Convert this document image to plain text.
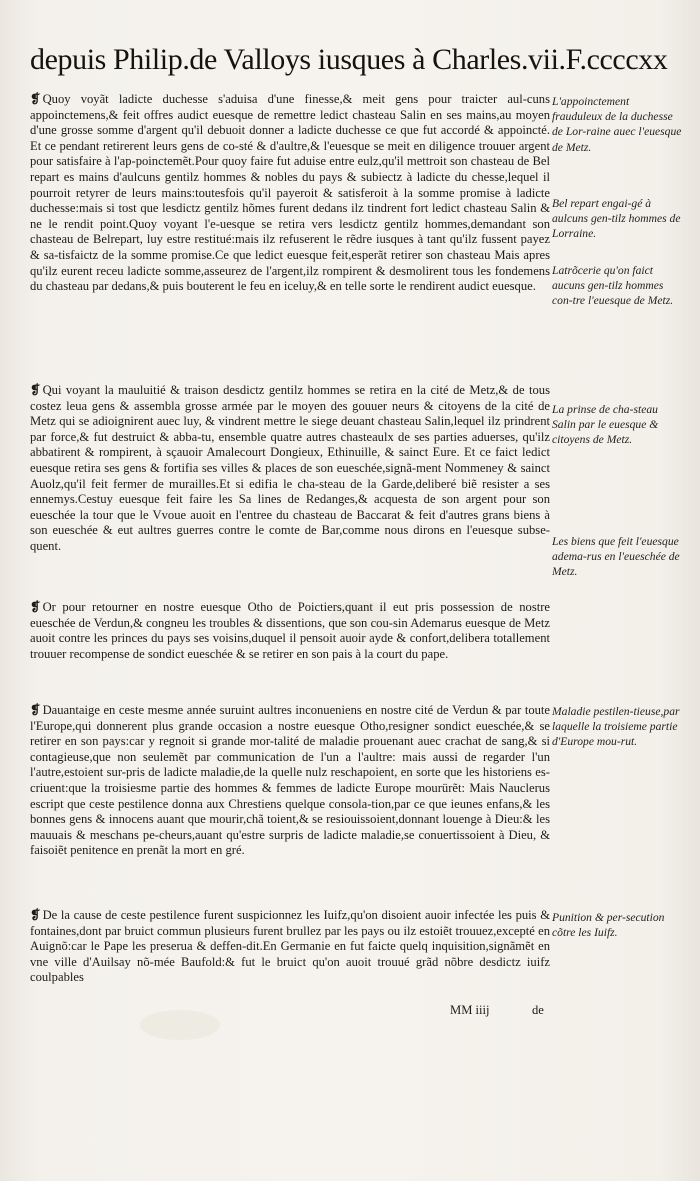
depuis Philip.de Valloys iusques à Charles.vii.F.ccccxx

❡ Quoy voyãt ladicte duchesse s'aduisa d'une finesse,& meit gens pour traicter aul-cuns appoinctemens,& feit offres audict euesque de remettre ledict chasteau Salin en ses mains,au moyen d'une grosse somme d'argent qu'il debuoit donner a ladicte duchesse ce que fut accordé & appoincté. Et ce pendant retirerent leurs gens de co-sté & d'aultre,& l'euesque se meit en diligence trouuer argent pour satisfaire à l'ap-poinctemẽt.Pour quoy faire fut aduise entre eulz,qu'il mettroit son chasteau de Bel repart es mains d'aulcuns gentilz hommes & nobles du pays & subiectz à ladicte du chesse,lequel il pourroit retyrer de leurs mains:toutesfois qu'il payeroit & satisferoit à la somme promise à ladicte duchesse:mais si tost que lesdictz gentilz hõmes furent dedans ilz tindrent fort ledict chasteau Salin & ne le rendit point.Quoy voyant l'e-uesque se retira vers lesdictz gentilz hommes,demandant son chasteau de Belrepart, luy estre restitué:mais ilz refuserent le rẽdre iusques à tant qu'ilz fussent payez & sa-tisfaictz de la somme promise.Ce que ledict euesque feit,esperãt retirer son chasteau Mais apres qu'ilz eurent receu ladicte somme,asseurez de l'argent,ilz rompirent & desmolirent tous les fondemens du chasteau par dedans,& puis bouterent le feu en iceluy,& en telle sorte le rendirent audict euesque.

❡ Qui voyant la mauluitié & traison desdictz gentilz hommes se retira en la cité de Metz,& de tous costez leua gens & assembla grosse armée par le moyen des gouuer neurs & citoyens de la cité de Metz qui se adioignirent auec luy, & vindrent mettre le siege deuant chasteau Salin,lequel ilz prindrent par force,& fut destruict & abba-tu, ensemble quatre autres chasteaulx de ses parties aduerses, qu'ilz abbatirent & rompirent, à sçauoir Amalecourt Dongieux, Ethinuille, & sainct Eure. Et ce faict ledict euesque retira ses gens & fortifia ses villes & places de son eueschée,signã-ment Nommeney & sainct Auolz,qu'il feit fermer de murailles.Et si edifia le cha-steau de la Garde,deliberé biẽ resister a ses ennemys.Cestuy euesque feit faire les Sa lines de Redanges,& acquesta de son argent pour son eueschée la tour que le Vvoue auoit en l'entree du chasteau de Baccarat & feit d'autres grans biens à son eueschée & eut aultres guerres contre le comte de Bar,comme nous dirons en l'euesque subse-quent.

❡ Or pour retourner en nostre euesque Otho de Poictiers,quant il eut pris possession de nostre eueschée de Verdun,& congneu les troubles & dissentions, que son cou-sin Ademarus euesque de Metz auoit contre les princes du pays ses voisins,duquel il pensoit auoir ayde & confort,delibera totallement trouuer recompense de sondict eueschée & se retirer en son pais à la court du pape.

❡ Dauantaige en ceste mesme année suruint aultres inconueniens en nostre cité de Verdun & par toute l'Europe,qui donnerent plus grande occasion a nostre euesque Otho,resigner sondict eueschée,& se retirer en son pays:car y regnoit si grande mor-talité de maladie prouenant auec crachat de sang,& si contagieuse,que non seulemẽt par communication de l'un a l'aultre: mais aussi de regarder l'un l'autre,estoient sur-pris de ladicte maladie,de la quelle nulz reschapoient, en sorte que les historiens es-criuent:que la troisiesme partie des hommes & femmes de ladicte Europe mourürẽt: Mais Nauclerus escript que ceste pestilence donna aux Chrestiens quelque consola-tion,par ce que ieunes enfans,& les bonnes gens & innocens auant que mourir,chã toient,& se resiouissoient,donnant louenge à Dieu:& les mauuais & meschans pe-cheurs,auant qu'estre surpris de ladicte maladie,se conuertissoient à Dieu, & faisoiẽt penitence en prenãt la mort en gré.

❡ De la cause de ceste pestilence furent suspicionnez les Iuifz,qu'on disoient auoir infectée les puis & fontaines,dont par bruict commun plusieurs furent brullez par les pays ou ilz estoiẽt trouuez,excepté en Auignõ:car le Pape les preserua & deffen-dit.En Germanie en fut faicte quelq inquisition,signãmẽt en vne ville d'Auilsay nõ-mée Baufold:& fut le bruict qu'on auoit trouué grãd nõbre desdictz iuifz coulpables

MM iiij	de

L'appoinctement frauduleux de la duchesse de Lor-raine auec l'euesque de Metz.

Bel repart engai-gé à aulcuns gen-tilz hommes de Lorraine.

Latrõcerie qu'on faict aucuns gen-tilz hommes con-tre l'euesque de Metz.

La prinse de cha-steau Salin par le euesque & citoyens de Metz.

Les biens que feit l'euesque adema-rus en l'eueschée de Metz.

Maladie pestilen-tieuse,par laquelle la troisieme partie d'Europe mou-rut.

Punition & per-secution cõtre les Iuifz.
